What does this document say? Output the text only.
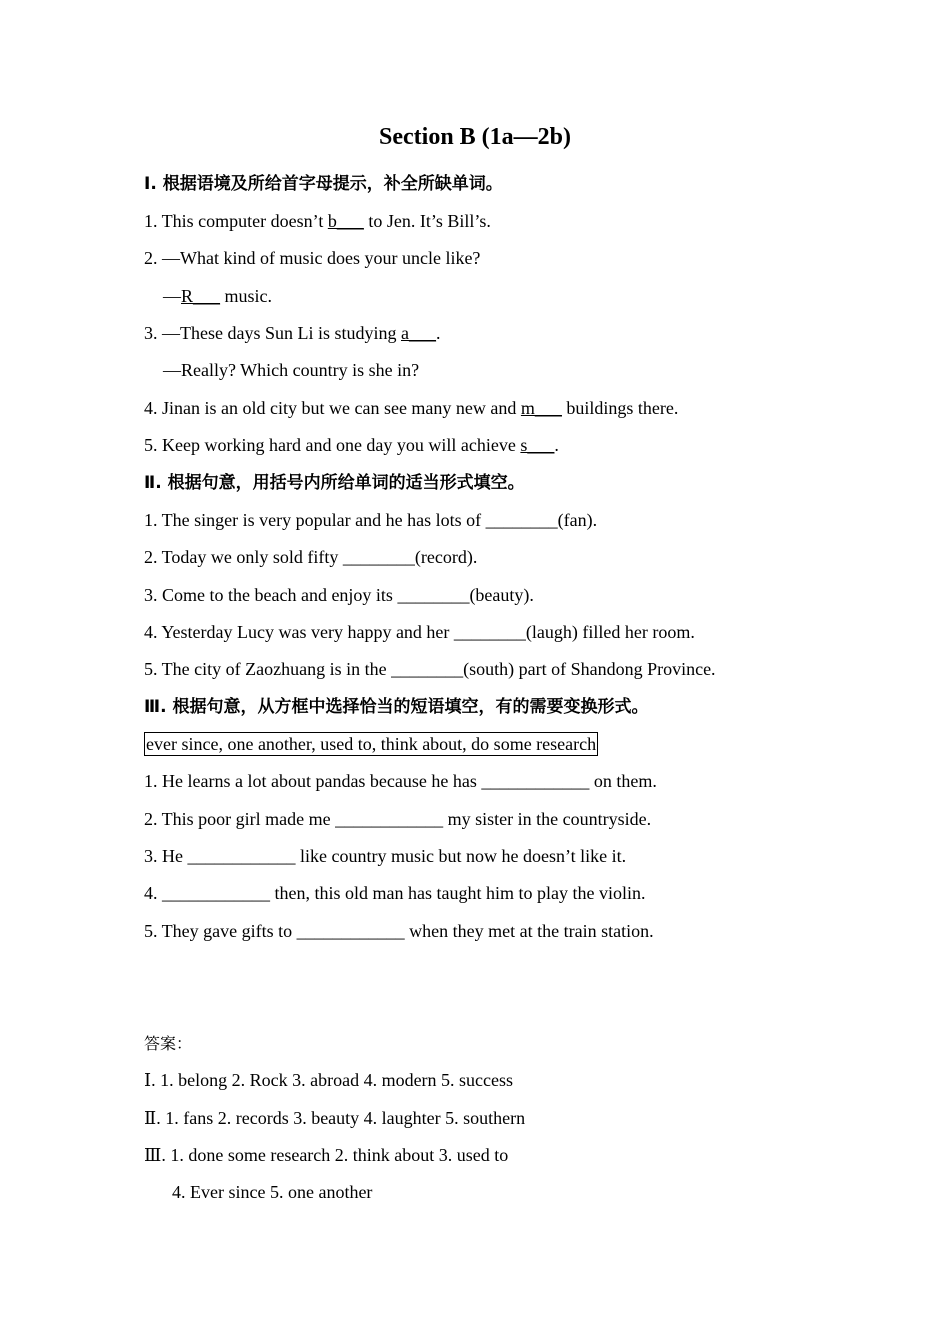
Section B (1a—2b)
Ⅰ. 根据语境及所给首字母提示，补全所缺单词。
1. This computer doesn’t b___ to Jen. It’s Bill’s.
2. —What kind of music does your uncle like?
—R___ music.
3. —These days Sun Li is studying a___.
—Really? Which country is she in?
4. Jinan is an old city but we can see many new and m___ buildings there.
5. Keep working hard and one day you will achieve s___.
Ⅱ. 根据句意，用括号内所给单词的适当形式填空。
1. The singer is very popular and he has lots of ________(fan).
2. Today we only sold fifty ________(record).
3. Come to the beach and enjoy its ________(beauty).
4. Yesterday Lucy was very happy and her ________(laugh) filled her room.
5. The city of Zaozhuang is in the ________(south) part of Shandong Province.
Ⅲ. 根据句意，从方框中选择恰当的短语填空，有的需要变换形式。
ever since, one another, used to, think about, do some research
1. He learns a lot about pandas because he has ____________ on them.
2. This poor girl made me ____________ my sister in the countryside.
3. He ____________ like country music but now he doesn’t like it.
4. ____________ then, this old man has taught him to play the violin.
5. They gave gifts to ____________ when they met at the train station.
答案：
Ⅰ. 1. belong 2. Rock 3. abroad 4. modern 5. success
Ⅱ. 1. fans 2. records 3. beauty 4. laughter 5. southern
Ⅲ. 1. done some research 2. think about 3. used to
4. Ever since 5. one another
